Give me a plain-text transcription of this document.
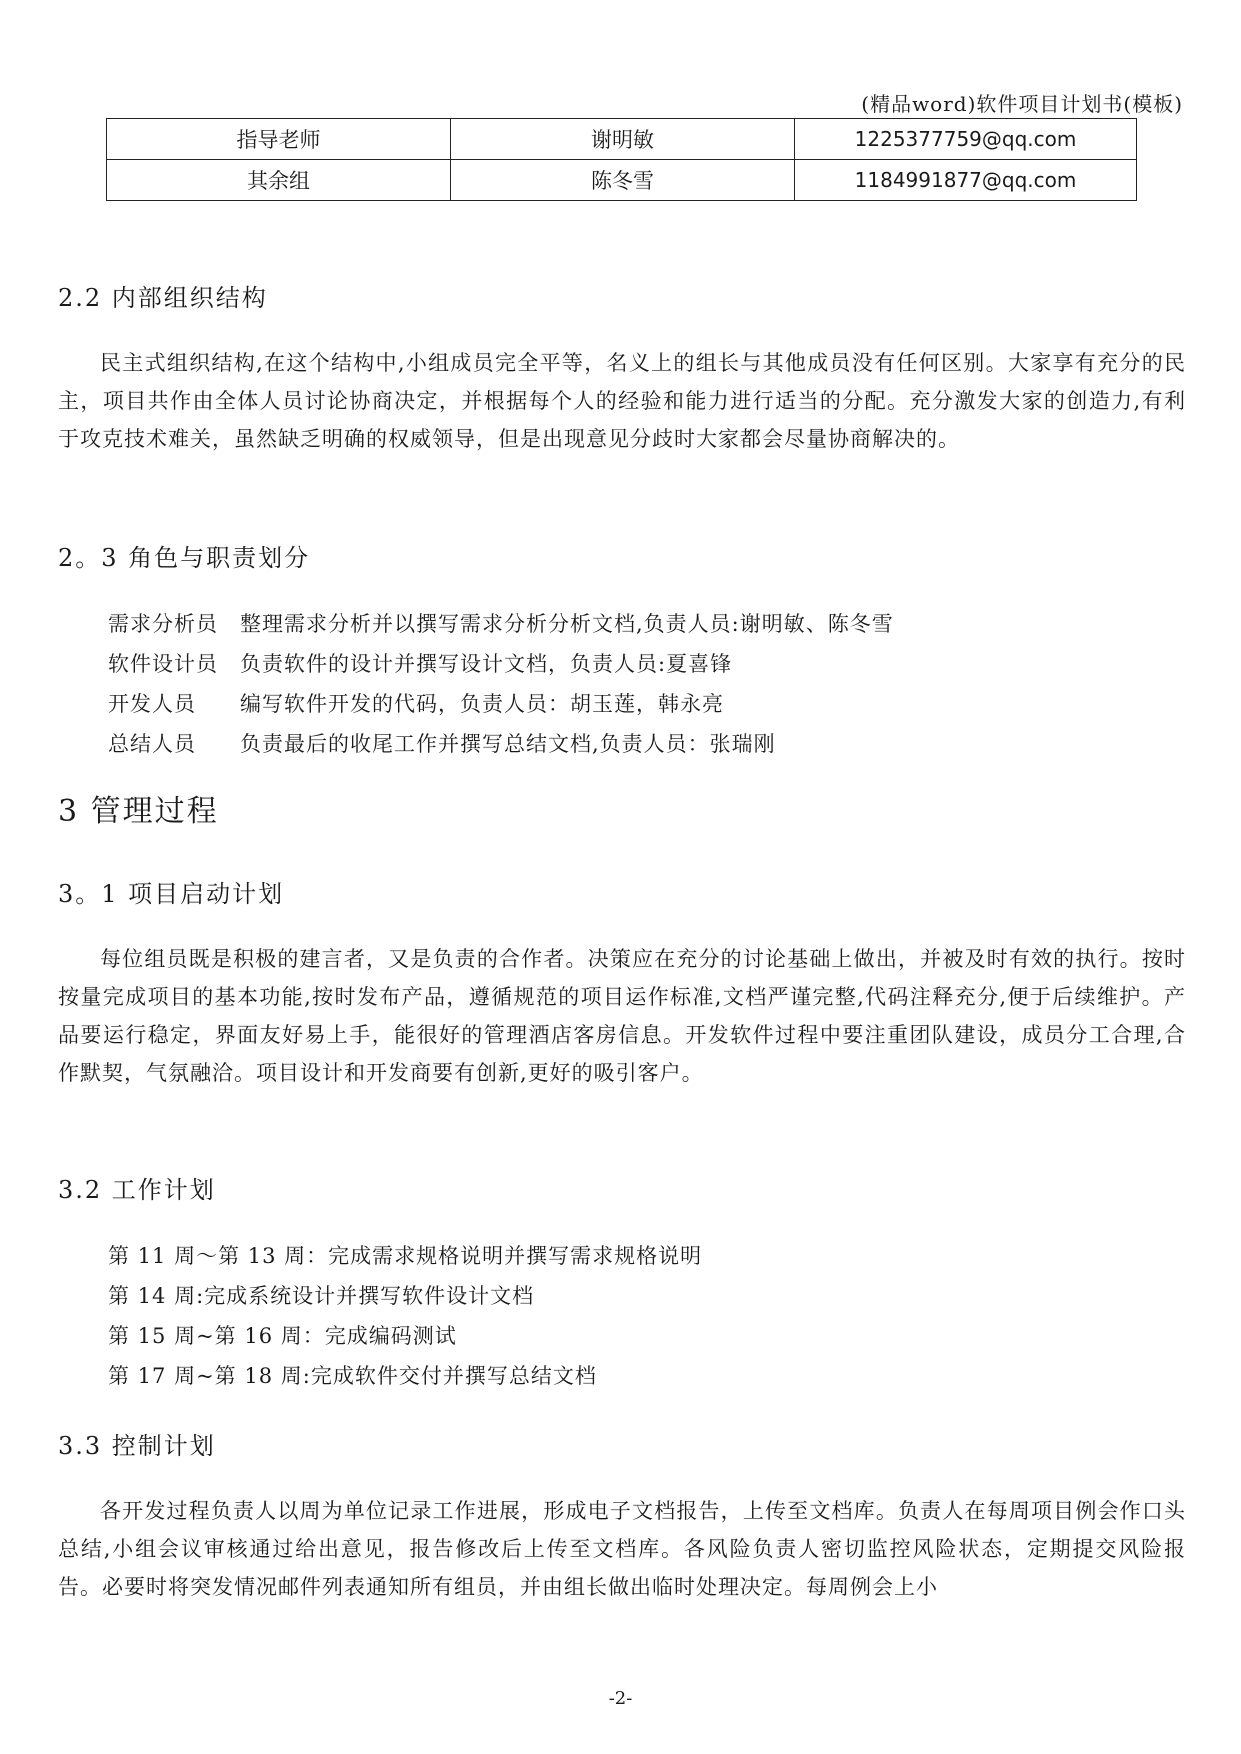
(精品word)软件项目计划书(模板)
指导老师	谢明敏	1225377759@qq.com
其余组	陈冬雪	1184991877@qq.com
2.2 内部组织结构
民主式组织结构,在这个结构中,小组成员完全平等，名义上的组长与其他成员没有任何区别。大家享有充分的民主，项目共作由全体人员讨论协商决定，并根据每个人的经验和能力进行适当的分配。充分激发大家的创造力,有利于攻克技术难关，虽然缺乏明确的权威领导，但是出现意见分歧时大家都会尽量协商解决的。
2。3 角色与职责划分
需求分析员 整理需求分析并以撰写需求分析分析文档,负责人员:谢明敏、陈冬雪
软件设计员 负责软件的设计并撰写设计文档，负责人员:夏喜锋
开发人员 编写软件开发的代码，负责人员：胡玉莲，韩永亮
总结人员 负责最后的收尾工作并撰写总结文档,负责人员：张瑞刚
3 管理过程
3。1 项目启动计划
每位组员既是积极的建言者，又是负责的合作者。决策应在充分的讨论基础上做出，并被及时有效的执行。按时按量完成项目的基本功能,按时发布产品，遵循规范的项目运作标准,文档严谨完整,代码注释充分,便于后续维护。产品要运行稳定，界面友好易上手，能很好的管理酒店客房信息。开发软件过程中要注重团队建设，成员分工合理,合作默契，气氛融洽。项目设计和开发商要有创新,更好的吸引客户。
3.2 工作计划
第 11 周～第 13 周：完成需求规格说明并撰写需求规格说明
第 14 周:完成系统设计并撰写软件设计文档
第 15 周~第 16 周：完成编码测试
第 17 周~第 18 周:完成软件交付并撰写总结文档
3.3 控制计划
各开发过程负责人以周为单位记录工作进展，形成电子文档报告，上传至文档库。负责人在每周项目例会作口头总结,小组会议审核通过给出意见，报告修改后上传至文档库。各风险负责人密切监控风险状态，定期提交风险报告。必要时将突发情况邮件列表通知所有组员，并由组长做出临时处理决定。每周例会上小
-2-
